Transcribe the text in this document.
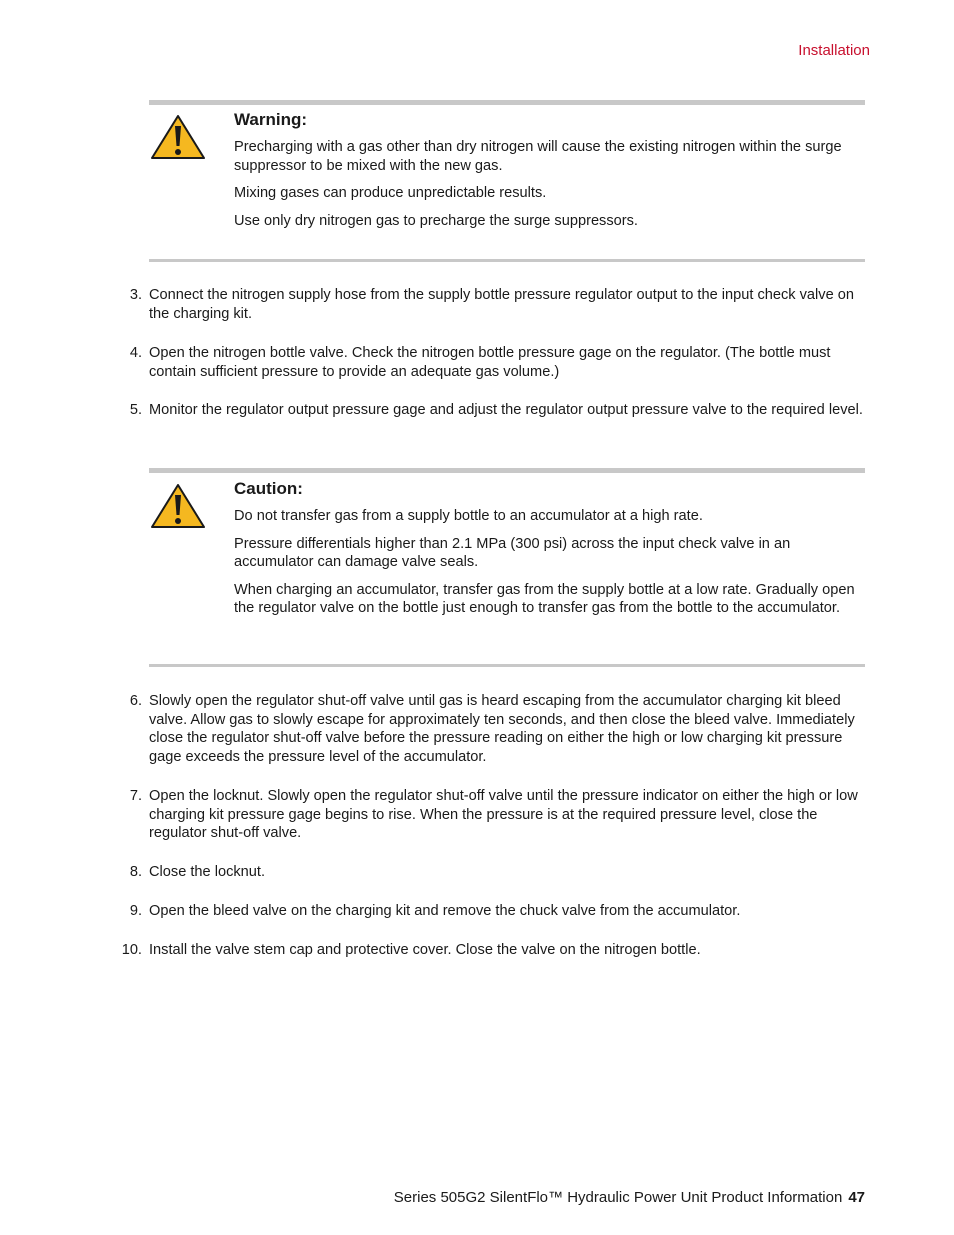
Installation
Warning:

Precharging with a gas other than dry nitrogen will cause the existing nitrogen within the surge suppressor to be mixed with the new gas.

Mixing gases can produce unpredictable results.

Use only dry nitrogen gas to precharge the surge suppressors.

3. Connect the nitrogen supply hose from the supply bottle pressure regulator output to the input check valve on the charging kit.
4. Open the nitrogen bottle valve. Check the nitrogen bottle pressure gage on the regulator. (The bottle must contain sufficient pressure to provide an adequate gas volume.)
5. Monitor the regulator output pressure gage and adjust the regulator output pressure valve to the required level.
Caution:

Do not transfer gas from a supply bottle to an accumulator at a high rate.

Pressure differentials higher than 2.1 MPa (300 psi) across the input check valve in an accumulator can damage valve seals.

When charging an accumulator, transfer gas from the supply bottle at a low rate. Gradually open the regulator valve on the bottle just enough to transfer gas from the bottle to the accumulator.

6. Slowly open the regulator shut-off valve until gas is heard escaping from the accumulator charging kit bleed valve. Allow gas to slowly escape for approximately ten seconds, and then close the bleed valve. Immediately close the regulator shut-off valve before the pressure reading on either the high or low charging kit pressure gage exceeds the pressure level of the accumulator.
7. Open the locknut. Slowly open the regulator shut-off valve until the pressure indicator on either the high or low charging kit pressure gage begins to rise. When the pressure is at the required pressure level, close the regulator shut-off valve.
8. Close the locknut.
9. Open the bleed valve on the charging kit and remove the chuck valve from the accumulator.
10. Install the valve stem cap and protective cover. Close the valve on the nitrogen bottle.
Series 505G2 SilentFlo™ Hydraulic Power Unit Product Information 47
